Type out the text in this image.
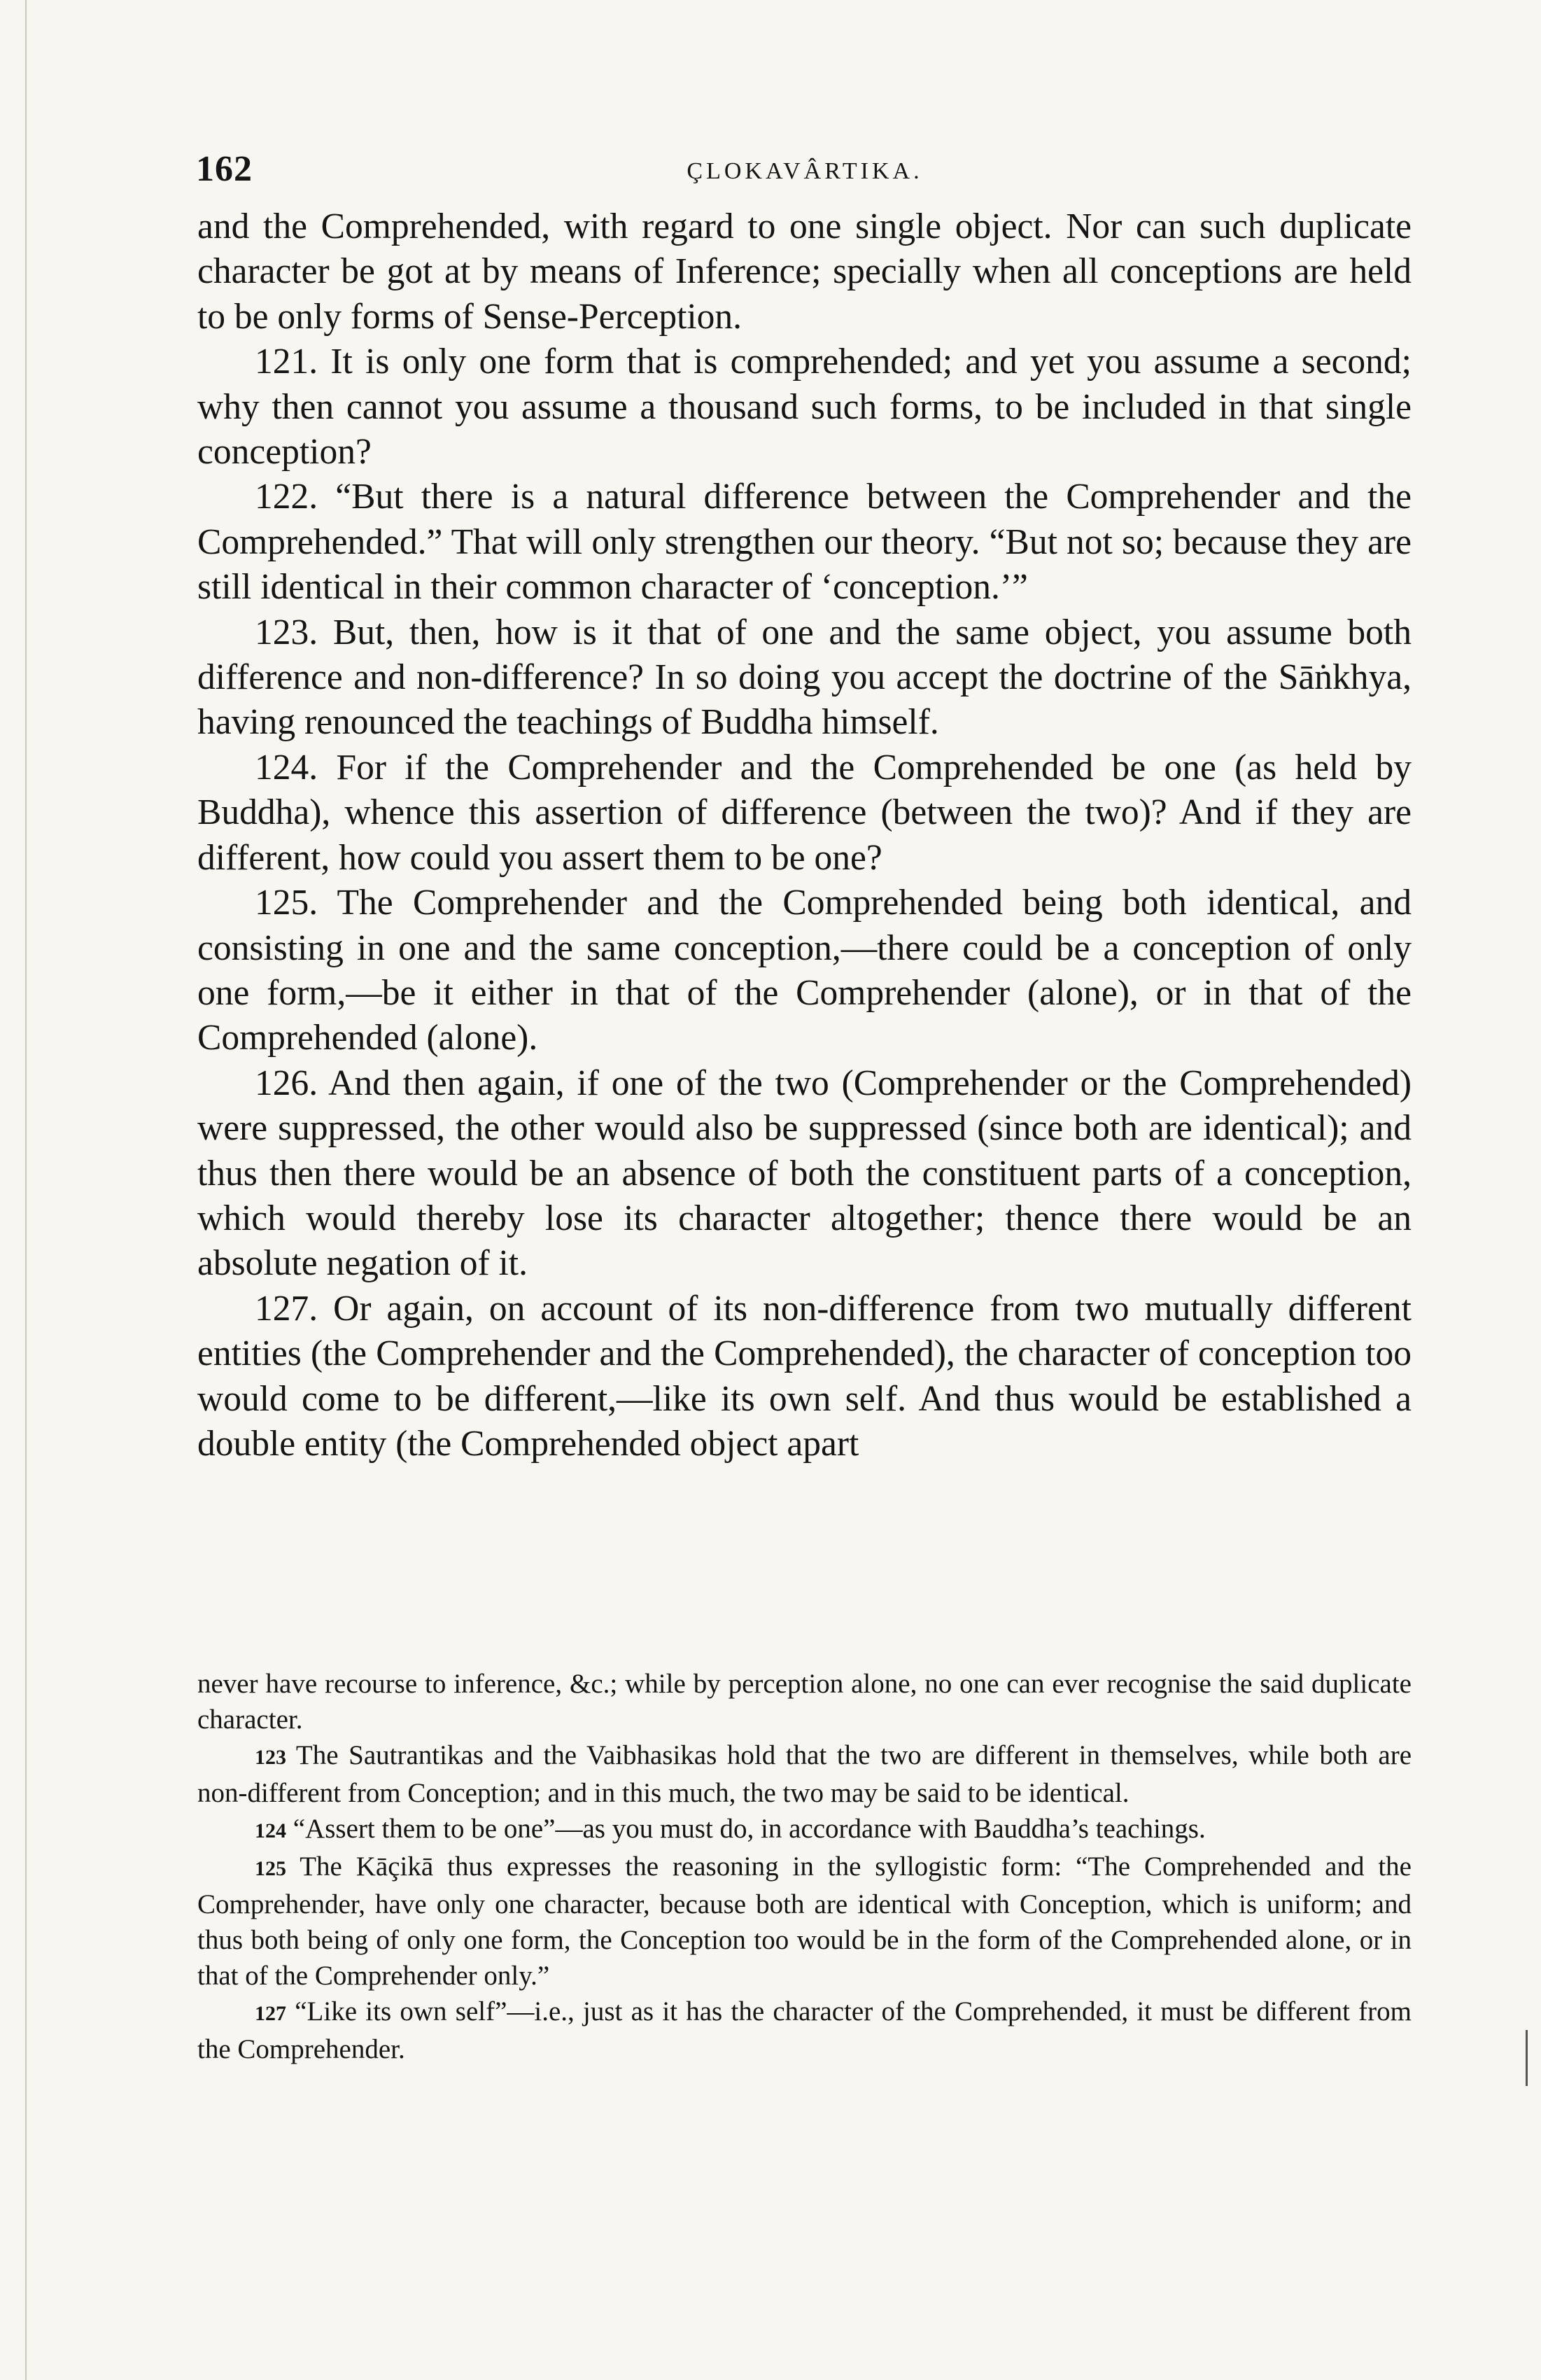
162	ÇLOKAVÂRTIKA.

and the Comprehended, with regard to one single object. Nor can such duplicate character be got at by means of Inference; specially when all conceptions are held to be only forms of Sense-Perception.

121. It is only one form that is comprehended; and yet you assume a second; why then cannot you assume a thousand such forms, to be included in that single conception?

122. “But there is a natural difference between the Comprehender and the Comprehended.” That will only strengthen our theory. “But not so; because they are still identical in their common character of ‘conception.’”

123. But, then, how is it that of one and the same object, you assume both difference and non-difference? In so doing you accept the doctrine of the Sāṅkhya, having renounced the teachings of Buddha himself.

124. For if the Comprehender and the Comprehended be one (as held by Buddha), whence this assertion of difference (between the two)? And if they are different, how could you assert them to be one?

125. The Comprehender and the Comprehended being both identical, and consisting in one and the same conception,—there could be a conception of only one form,—be it either in that of the Comprehender (alone), or in that of the Comprehended (alone).

126. And then again, if one of the two (Comprehender or the Comprehended) were suppressed, the other would also be suppressed (since both are identical); and thus then there would be an absence of both the constituent parts of a conception, which would thereby lose its character altogether; thence there would be an absolute negation of it.

127. Or again, on account of its non-difference from two mutually different entities (the Comprehender and the Comprehended), the character of conception too would come to be different,—like its own self. And thus would be established a double entity (the Comprehended object apart

never have recourse to inference, &c.; while by perception alone, no one can ever recognise the said duplicate character.

123 The Sautrantikas and the Vaibhasikas hold that the two are different in themselves, while both are non-different from Conception; and in this much, the two may be said to be identical.

124 “Assert them to be one”—as you must do, in accordance with Bauddha’s teachings.

125 The Kāçikā thus expresses the reasoning in the syllogistic form: “The Comprehended and the Comprehender, have only one character, because both are identical with Conception, which is uniform; and thus both being of only one form, the Conception too would be in the form of the Comprehended alone, or in that of the Comprehender only.”

127 “Like its own self”—i.e., just as it has the character of the Comprehended, it must be different from the Comprehender.
